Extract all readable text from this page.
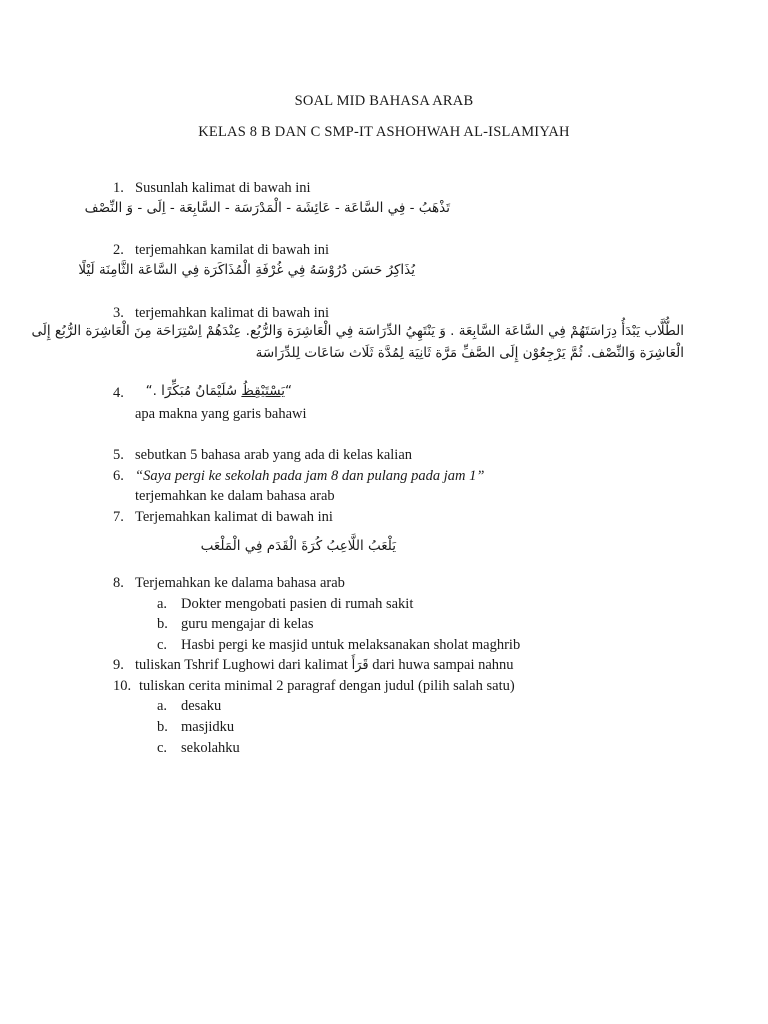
SOAL MID BAHASA ARAB
KELAS 8 B DAN C SMP-IT ASHOHWAH AL-ISLAMIYAH
1. Susunlah kalimat di bawah ini
تَذْهَبُ - فِي السَّاعَة - عَائِشَة - الْمَدْرَسَة - السَّابِعَة - اِلَى - وَ النِّصْف
2. terjemahkan kamilat di bawah ini
يُذَاكِرُ حَسَن دُرُوْسَهُ فِي غُرْفَةِ الْمُذَاكَرَة فِي السَّاعَة الثَّامِنَة لَيْلًا
3. terjemahkan kalimat di bawah ini
الطُّلَّاب يَبْدَأُ دِرَاسَتَهُمْ فِي السَّاعَة السَّابِعَة . وَ يَنْتَهِيُ الدِّرَاسَة فِي الْعَاشِرَة وَالرُّبُع. عِنْدَهُمْ اِسْتِرَاحَة مِنَ الْعَاشِرَة الرُّبُع إِلَى
الْعَاشِرَة وَالنِّصْف. ثُمَّ يَرْجِعُوْن إِلَى الصَّفِّ مَرَّة ثَانِيَة لِمُدَّة ثَلَاث سَاعَات لِلدِّرَاسَة
4.	“يَسْتَيْقِظُ سُلَيْمَانُ مُبَكِّرًا .“
apa makna yang garis bahawi
5. sebutkan 5 bahasa arab yang ada di kelas kalian
6. “Saya pergi ke sekolah pada jam 8 dan pulang pada jam 1”
terjemahkan ke dalam bahasa arab
7. Terjemahkan kalimat di bawah ini
يَلْعَبُ اللَّاعِبُ كُرَةَ الْقَدَم فِي الْمَلْعَب
8. Terjemahkan ke dalama bahasa arab
a. Dokter mengobati pasien di rumah sakit
b. guru mengajar di kelas
c. Hasbi pergi ke masjid untuk melaksanakan sholat maghrib
9. tuliskan Tshrif Lughowi dari kalimat قَرَأَ dari huwa sampai nahnu
10. tuliskan cerita minimal 2 paragraf dengan judul (pilih salah satu)
a. desaku
b. masjidku
c. sekolahku
